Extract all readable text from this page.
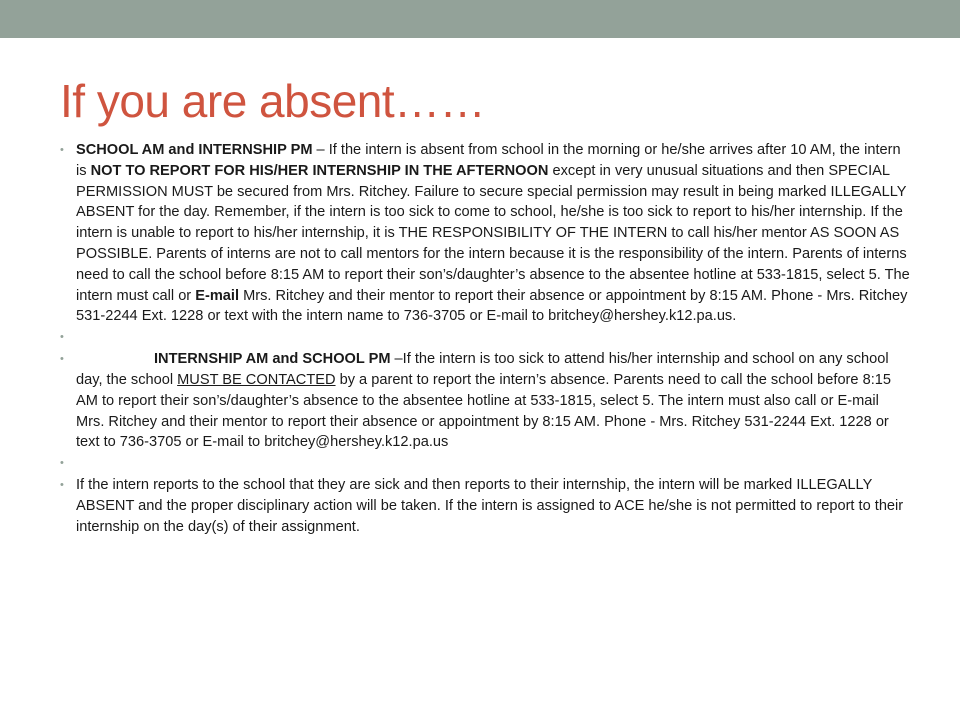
If you are absent……
• SCHOOL AM and INTERNSHIP PM – If the intern is absent from school in the morning or he/she arrives after 10 AM, the intern is NOT TO REPORT FOR HIS/HER INTERNSHIP IN THE AFTERNOON except in very unusual situations and then SPECIAL PERMISSION MUST be secured from Mrs. Ritchey. Failure to secure special permission may result in being marked ILLEGALLY ABSENT for the day. Remember, if the intern is too sick to come to school, he/she is too sick to report to his/her internship. If the intern is unable to report to his/her internship, it is THE RESPONSIBILITY OF THE INTERN to call his/her mentor AS SOON AS POSSIBLE. Parents of interns are not to call mentors for the intern because it is the responsibility of the intern. Parents of interns need to call the school before 8:15 AM to report their son’s/daughter’s absence to the absentee hotline at 533-1815, select 5. The intern must call or E-mail Mrs. Ritchey and their mentor to report their absence or appointment by 8:15 AM. Phone - Mrs. Ritchey 531-2244 Ext. 1228 or text with the intern name to 736-3705 or E-mail to britchey@hershey.k12.pa.us.
•
• INTERNSHIP AM and SCHOOL PM –If the intern is too sick to attend his/her internship and school on any school day, the school MUST BE CONTACTED by a parent to report the intern’s absence. Parents need to call the school before 8:15 AM to report their son’s/daughter’s absence to the absentee hotline at 533-1815, select 5. The intern must also call or E-mail Mrs. Ritchey and their mentor to report their absence or appointment by 8:15 AM. Phone - Mrs. Ritchey 531-2244 Ext. 1228 or text to 736-3705 or E-mail to britchey@hershey.k12.pa.us
•
• If the intern reports to the school that they are sick and then reports to their internship, the intern will be marked ILLEGALLY ABSENT and the proper disciplinary action will be taken. If the intern is assigned to ACE he/she is not permitted to report to their internship on the day(s) of their assignment.
